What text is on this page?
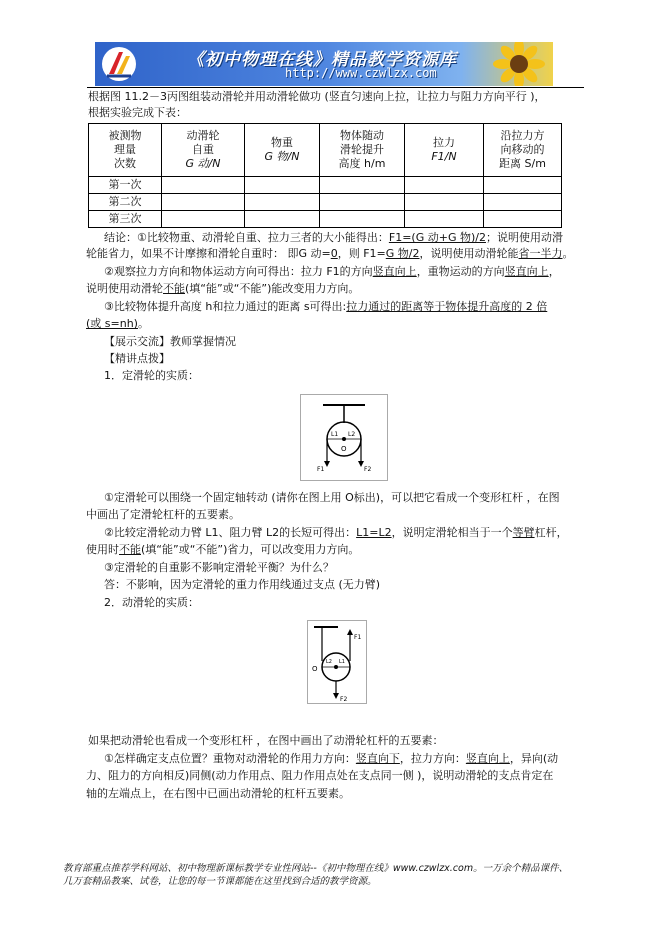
《初中物理在线》精品教学资源库
http://www.czwlzx.com
根据图 11.2－3丙图组装动滑轮并用动滑轮做功 (竖直匀速向上拉，让拉力与阻力方向平行 )，
根据实验完成下表：
被测物
理量
次数	动滑轮
自重
G 动/N	物重
G 物/N	物体随动
滑轮提升
高度 h/m	拉力
F1/N	沿拉力方
向移动的
距离 S/m
第一次					
第二次					
第三次					
结论：①比较物重、动滑轮自重、拉力三者的大小能得出：F1=(G 动+G 物)/2；说明使用动滑
轮能省力，如果不计摩擦和滑轮自重时： 即G 动=0，则 F1=G 物/2，说明使用动滑轮能省一半力。
②观察拉力方向和物体运动方向可得出：拉力 F1的方向竖直向上，重物运动的方向竖直向上，
说明使用动滑轮不能(填“能”或“不能”)能改变用力方向。
③比较物体提升高度 h和拉力通过的距离 s可得出:拉力通过的距离等于物体提升高度的 2 倍
(或 s=nh)。
【展示交流】教师掌握情况
【精讲点拨】
1．定滑轮的实质：
L1 L2
O
F1	F2
①定滑轮可以围绕一个固定轴转动 (请你在图上用 O标出)，可以把它看成一个变形杠杆 ，在图
中画出了定滑轮杠杆的五要素。
②比较定滑轮动力臂 L1、阻力臂 L2的长短可得出：L1=L2，说明定滑轮相当于一个等臂杠杆，
使用时不能(填“能”或“不能”)省力，可以改变用力方向。
③定滑轮的自重影不影响定滑轮平衡？为什么？
答：不影响，因为定滑轮的重力作用线通过支点 (无力臂)
2．动滑轮的实质：
L2 L1
O
F1
F2
如果把动滑轮也看成一个变形杠杆 ，在图中画出了动滑轮杠杆的五要素：
①怎样确定支点位置？重物对动滑轮的作用力方向：竖直向下，拉力方向：竖直向上，异向(动
力、阻力的方向相反)同侧(动力作用点、阻力作用点处在支点同一侧 )，说明动滑轮的支点肯定在
轴的左端点上，在右图中已画出动滑轮的杠杆五要素。
教育部重点推荐学科网站、初中物理新课标教学专业性网站--《初中物理在线》www.czwlzx.com。一万余个精品课件、
几万套精品教案、试卷，让您的每一节课都能在这里找到合适的教学资源。
